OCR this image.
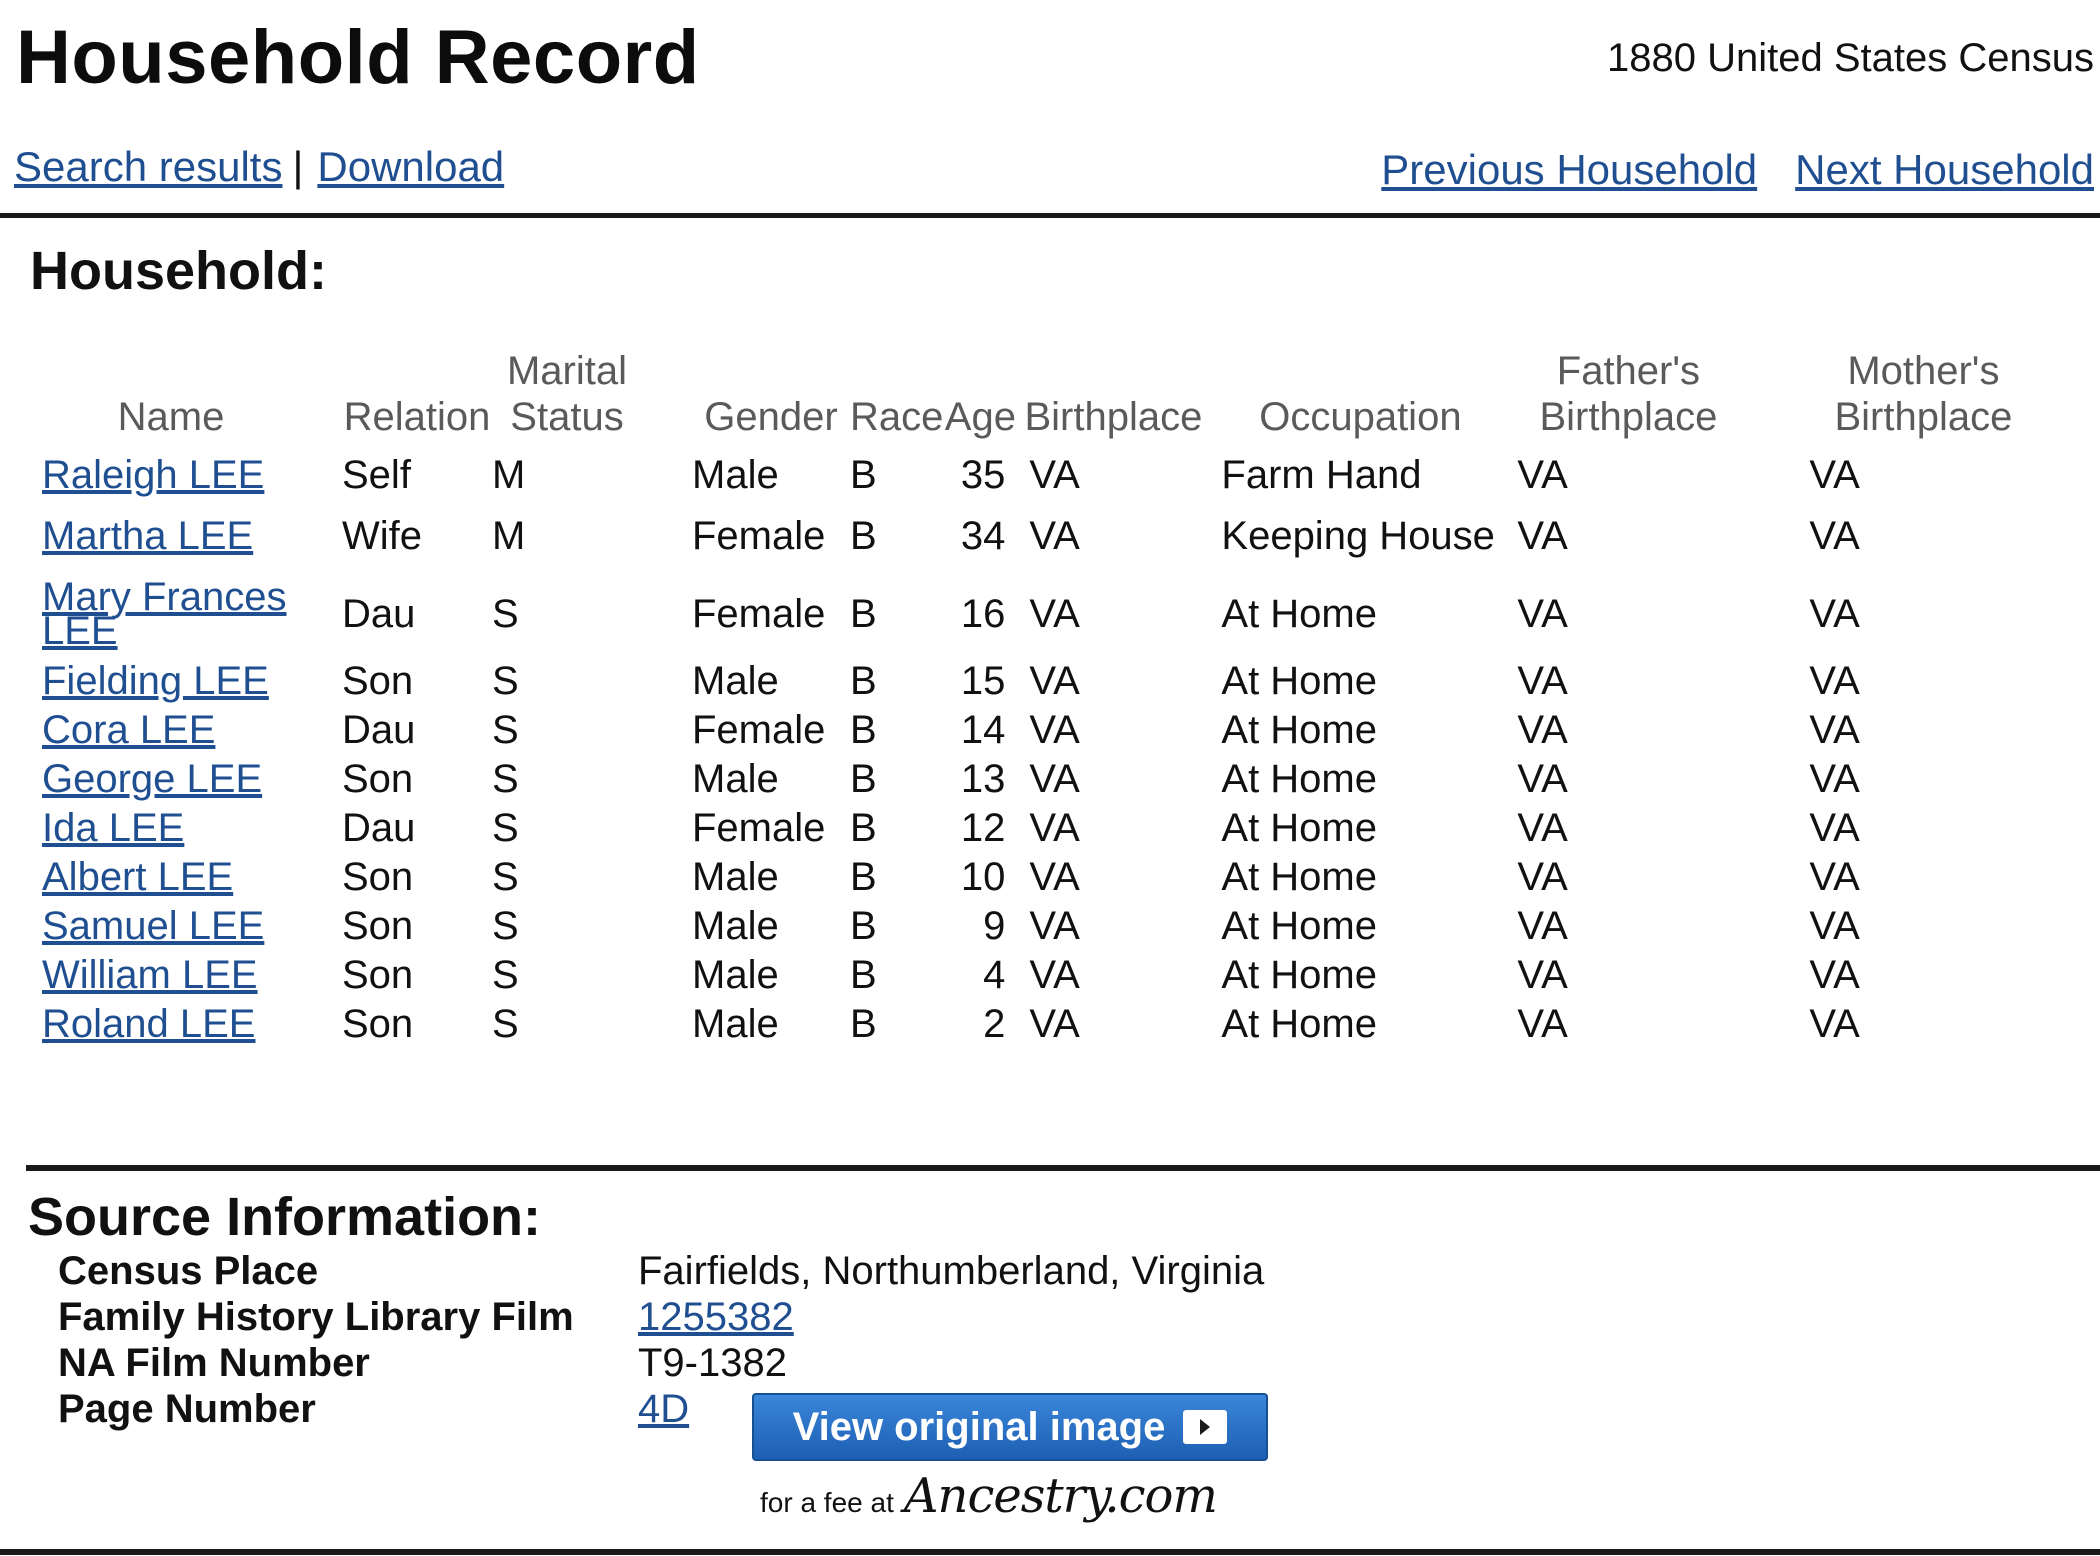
Household Record	1880 United States Census
Search results | Download	Previous Household Next Household
Household:
Name	Relation	Marital Status	Gender	Race	Age	Birthplace	Occupation	Father's Birthplace	Mother's Birthplace
Raleigh LEE	Self	M	Male	B	35	VA	Farm Hand	VA	VA
Martha LEE	Wife	M	Female	B	34	VA	Keeping House	VA	VA
Mary Frances LEE	Dau	S	Female	B	16	VA	At Home	VA	VA
Fielding LEE	Son	S	Male	B	15	VA	At Home	VA	VA
Cora LEE	Dau	S	Female	B	14	VA	At Home	VA	VA
George LEE	Son	S	Male	B	13	VA	At Home	VA	VA
Ida LEE	Dau	S	Female	B	12	VA	At Home	VA	VA
Albert LEE	Son	S	Male	B	10	VA	At Home	VA	VA
Samuel LEE	Son	S	Male	B	9	VA	At Home	VA	VA
William LEE	Son	S	Male	B	4	VA	At Home	VA	VA
Roland LEE	Son	S	Male	B	2	VA	At Home	VA	VA
Source Information:
Census Place	Fairfields, Northumberland, Virginia
Family History Library Film	1255382
NA Film Number	T9-1382
Page Number	4D	View original image
for a fee at Ancestry.com
